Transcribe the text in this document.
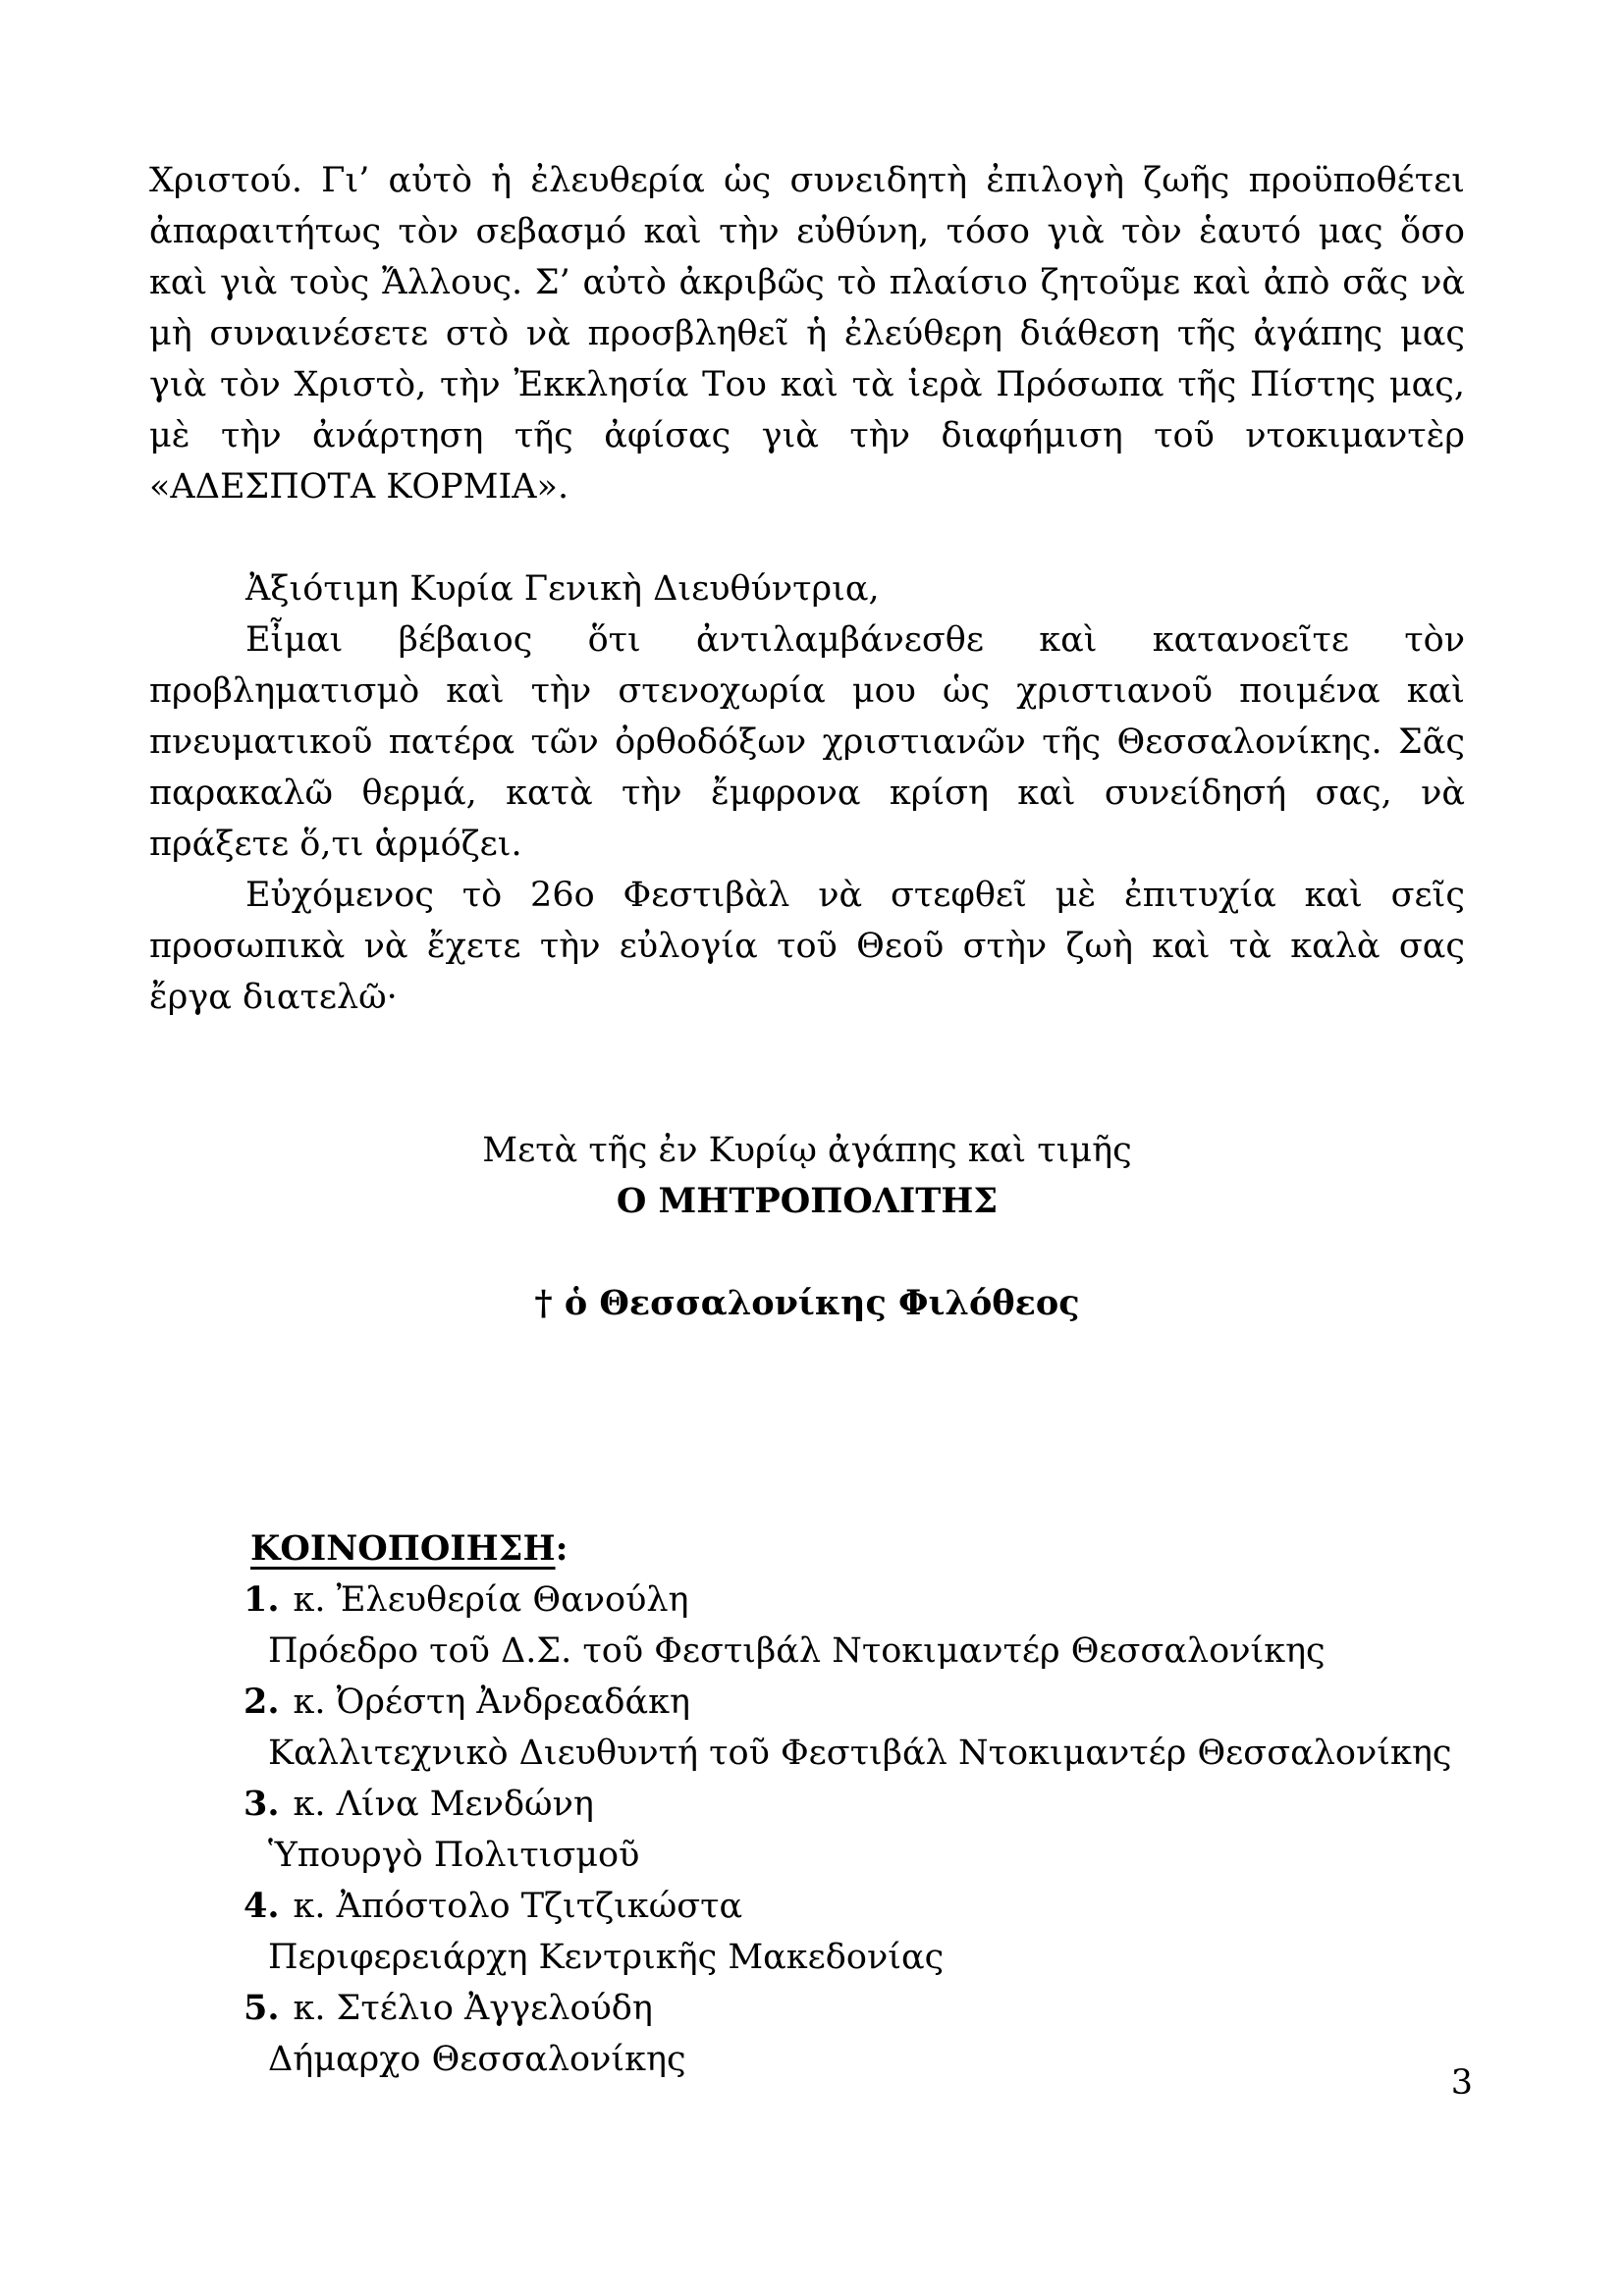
Χριστού. Γι’ αὐτὸ ἡ ἐλευθερία ὡς συνειδητὴ ἐπιλογὴ ζωῆς προϋποθέτει
ἀπαραιτήτως τὸν σεβασμό καὶ τὴν εὐθύνη, τόσο γιὰ τὸν ἑαυτό μας ὅσο
καὶ γιὰ τοὺς Ἄλλους. Σ’ αὐτὸ ἀκριβῶς τὸ πλαίσιο ζητοῦμε καὶ ἀπὸ σᾶς νὰ
μὴ συναινέσετε στὸ νὰ προσβληθεῖ ἡ ἐλεύθερη διάθεση τῆς ἀγάπης μας
γιὰ τὸν Χριστὸ, τὴν Ἐκκλησία Του καὶ τὰ ἱερὰ Πρόσωπα τῆς Πίστης μας,
μὲ τὴν ἀνάρτηση τῆς ἀφίσας γιὰ τὴν διαφήμιση τοῦ ντοκιμαντὲρ
«ΑΔΕΣΠΟΤΑ ΚΟΡΜΙΑ».
Ἀξιότιμη Κυρία Γενικὴ Διευθύντρια,
Εἶμαι βέβαιος ὅτι ἀντιλαμβάνεσθε καὶ κατανοεῖτε τὸν
προβληματισμὸ καὶ τὴν στενοχωρία μου ὡς χριστιανοῦ ποιμένα καὶ
πνευματικοῦ πατέρα τῶν ὀρθοδόξων χριστιανῶν τῆς Θεσσαλονίκης. Σᾶς
παρακαλῶ θερμά, κατὰ τὴν ἔμφρονα κρίση καὶ συνείδησή σας, νὰ
πράξετε ὅ,τι ἁρμόζει.
Εὐχόμενος τὸ 26ο Φεστιβὰλ νὰ στεφθεῖ μὲ ἐπιτυχία καὶ σεῖς
προσωπικὰ νὰ ἔχετε τὴν εὐλογία τοῦ Θεοῦ στὴν ζωὴ καὶ τὰ καλὰ σας
ἔργα διατελῶ·
Μετὰ τῆς ἐν Κυρίῳ ἀγάπης καὶ τιμῆς
Ο ΜΗΤΡΟΠΟΛΙΤΗΣ
† ὁ Θεσσαλονίκης Φιλόθεος
ΚΟΙΝΟΠΟΙΗΣΗ:
1. κ. Ἐλευθερία Θανούλη
Πρόεδρο τοῦ Δ.Σ. τοῦ Φεστιβάλ Ντοκιμαντέρ Θεσσαλονίκης
2. κ. Ὀρέστη Ἀνδρεαδάκη
Καλλιτεχνικὸ Διευθυντή τοῦ Φεστιβάλ Ντοκιμαντέρ Θεσσαλονίκης
3. κ. Λίνα Μενδώνη
Ὑπουργὸ Πολιτισμοῦ
4. κ. Ἀπόστολο Τζιτζικώστα
Περιφερειάρχη Κεντρικῆς Μακεδονίας
5. κ. Στέλιο Ἀγγελούδη
Δήμαρχο Θεσσαλονίκης
3
